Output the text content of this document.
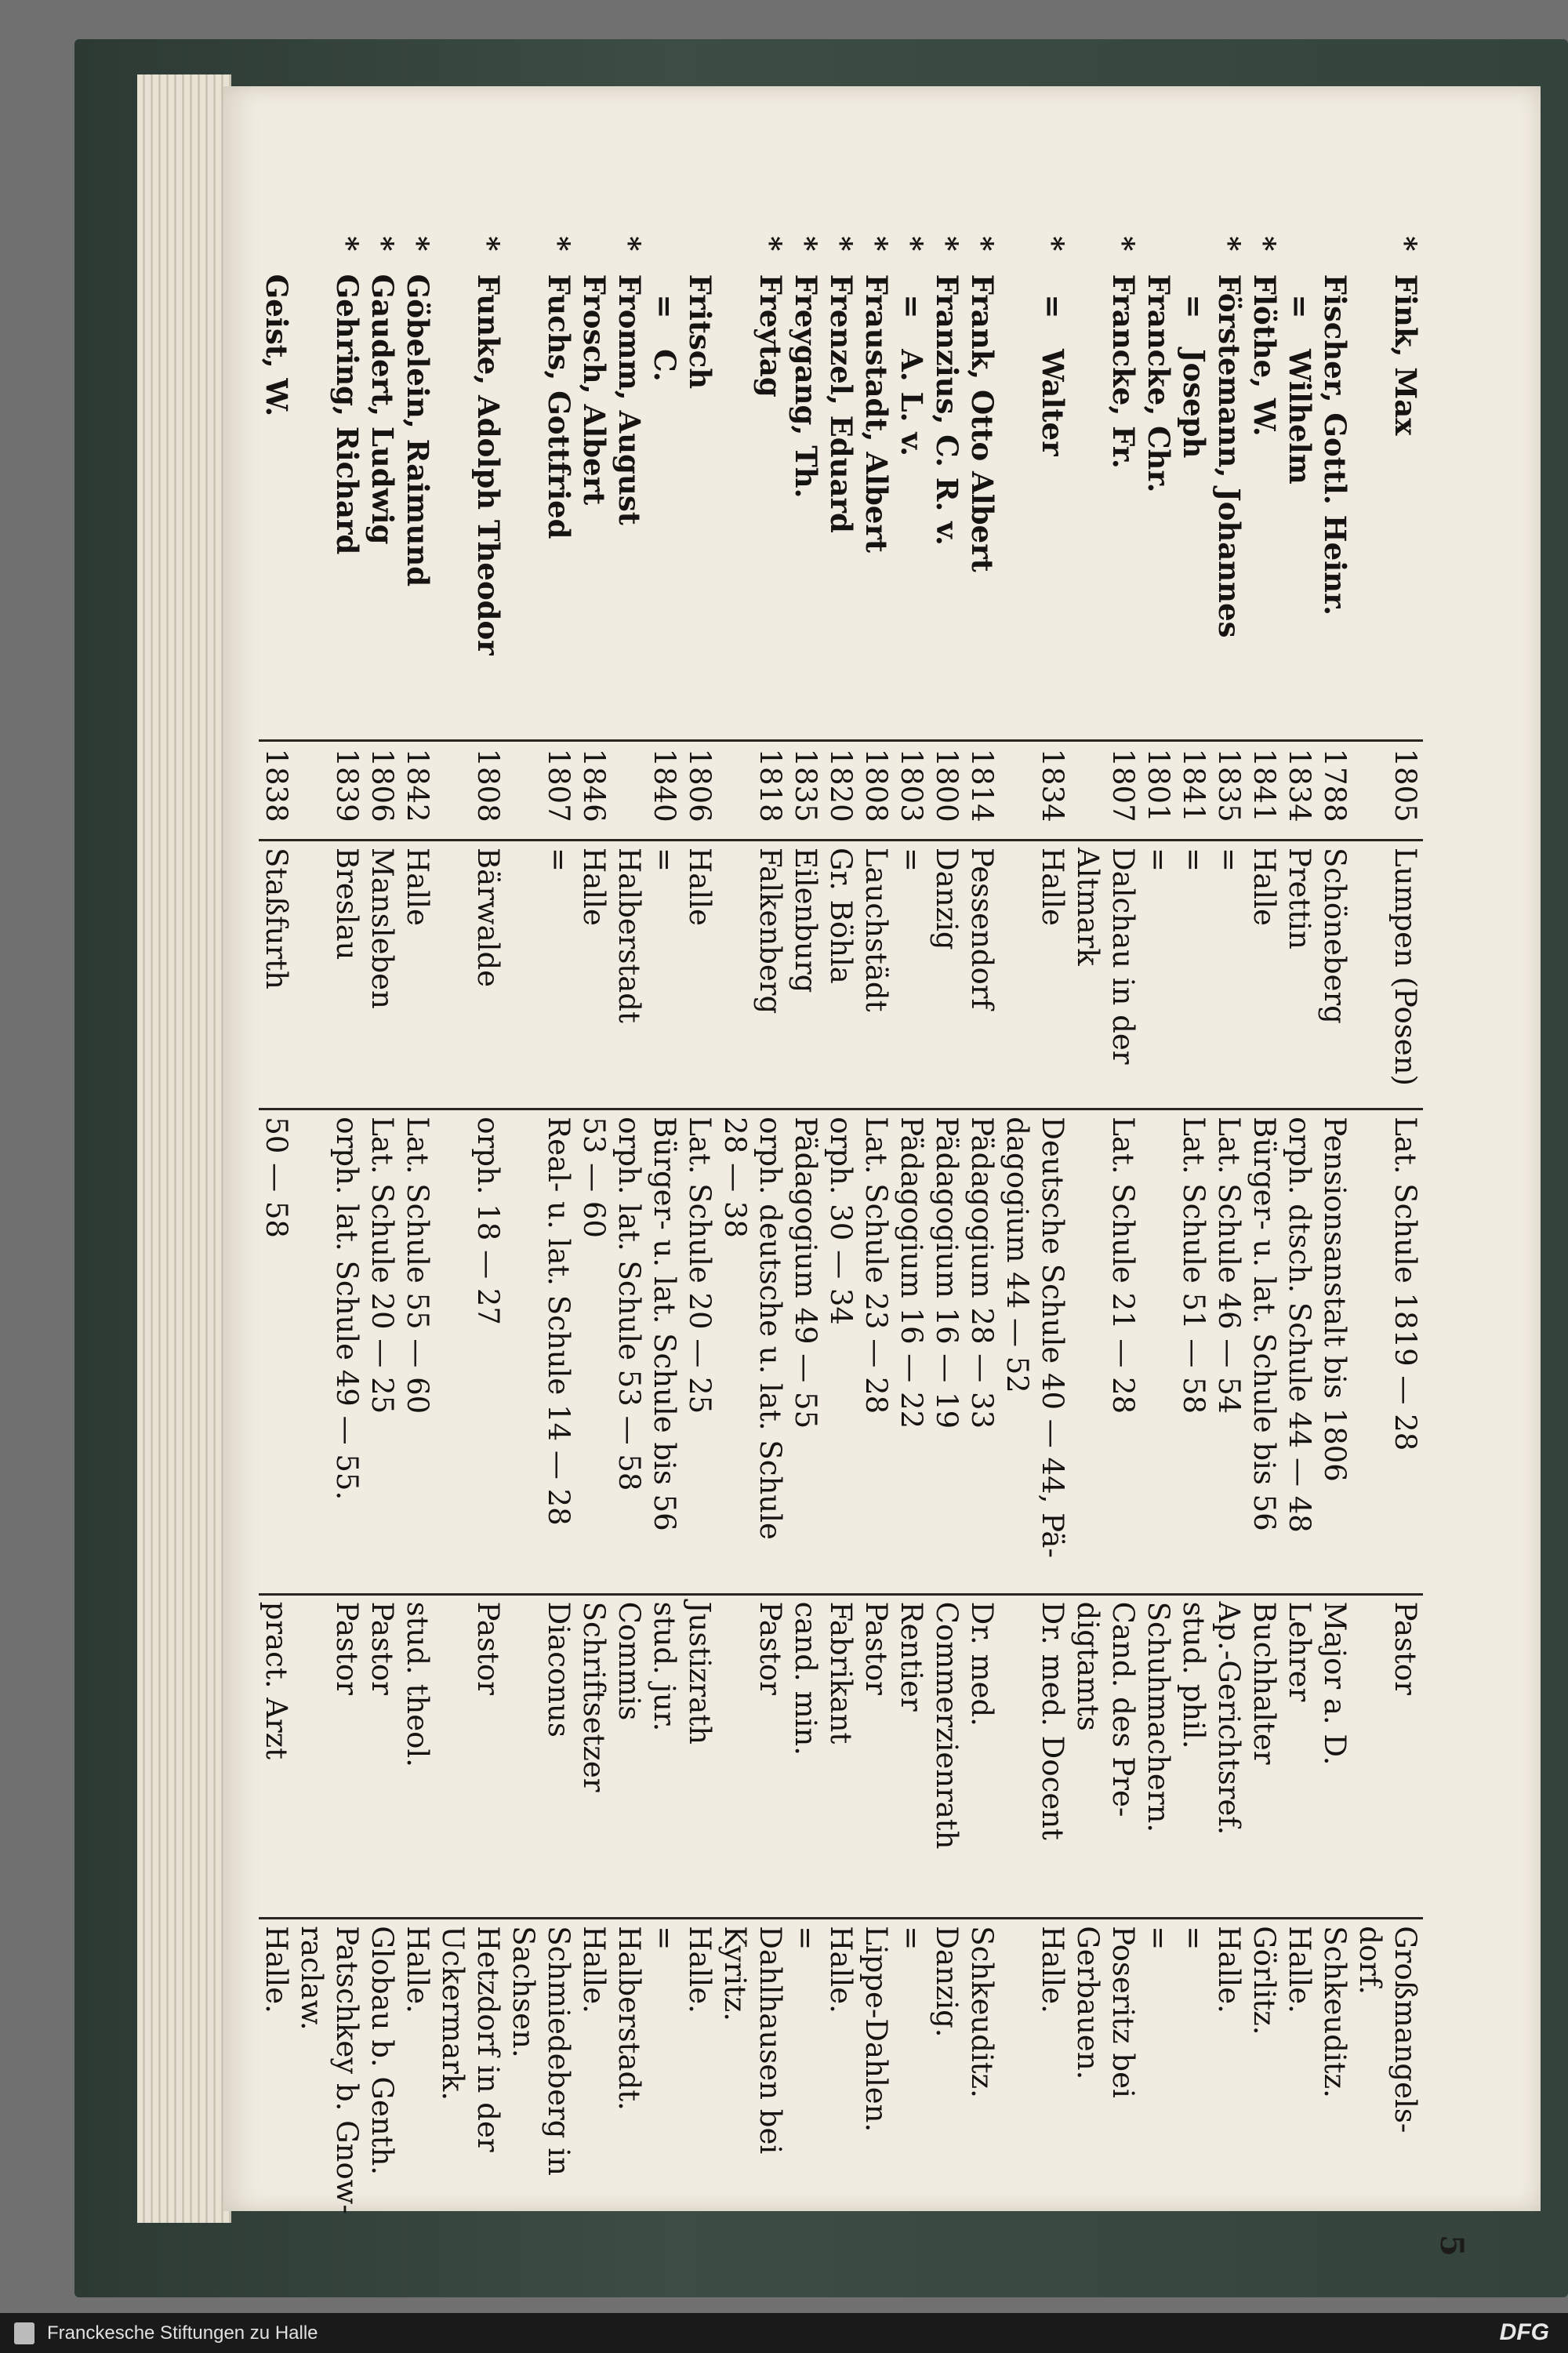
5
*	Fink, Max	1805	Lumpen (Posen)	Lat. Schule 1819 — 28	Pastor	Großmangels-
						dorf.
	Fischer, Gottl. Heinr.	1788	Schöneberg	Pensionsanstalt bis 1806	Major a. D.	Schkeuditz.
	=   Wilhelm	1834	Prettin	orph. dtsch. Schule 44 — 48	Lehrer	Halle.
*	Flöthe, W.	1841	Halle	Bürger- u. lat. Schule bis 56	Buchhalter	Görlitz.
*	Förstemann, Johannes	1835	=	Lat. Schule 46 — 54	Ap.-Gerichtsref.	Halle.
	=   Joseph	1841	=	Lat. Schule 51 — 58	stud. phil.	=
	Francke, Chr.	1801	=		Schuhmachern.	=
*	Francke, Fr.	1807	Dalchau in der	Lat. Schule 21 — 28	Cand. des Pre-	Poseritz bei
			Altmark		digtamts	Gerbauen.
*	=   Walter	1834	Halle	Deutsche Schule 40 — 44, Pä-	Dr. med. Docent	Halle.
				dagogium 44 — 52		
*	Frank, Otto Albert	1814	Pessendorf	Pädagogium 28 — 33	Dr. med.	Schkeuditz.
*	Franzius, C. R. v.	1800	Danzig	Pädagogium 16 — 19	Commerzienrath	Danzig.
*	=   A. L. v.	1803	=	Pädagogium 16 — 22	Rentier	=
*	Fraustadt, Albert	1808	Lauchstädt	Lat. Schule 23 — 28	Pastor	Lippe-Dahlen.
*	Frenzel, Eduard	1820	Gr. Böhla	orph. 30 — 34	Fabrikant	Halle.
*	Freygang, Th.	1835	Eilenburg	Pädagogium 49 — 55	cand. min.	=
*	Freytag	1818	Falkenberg	orph. deutsche u. lat. Schule	Pastor	Dahlhausen bei
				28 — 38		Kyritz.
	Fritsch	1806	Halle	Lat. Schule 20 — 25	Justizrath	Halle.
	=   C.	1840	=	Bürger- u. lat. Schule bis 56	stud. jur.	=
*	Fromm, August		Halberstadt	orph. lat. Schule 53 — 58	Commis	Halberstadt.
	Frosch, Albert	1846	Halle	53 — 60	Schriftsetzer	Halle.
*	Fuchs, Gottfried	1807	=	Real- u. lat. Schule 14 — 28	Diaconus	Schmiedeberg in
						Sachsen.
*	Funke, Adolph Theodor	1808	Bärwalde	orph. 18 — 27	Pastor	Hetzdorf in der
						Uckermark.
*	Göbelein, Raimund	1842	Halle	Lat. Schule 55 — 60	stud. theol.	Halle.
*	Gaudert, Ludwig	1806	Mansleben	Lat. Schule 20 — 25	Pastor	Globau b. Genth.
*	Gehring, Richard	1839	Breslau	orph. lat. Schule 49 — 55.	Pastor	Patschkey b. Gnow-
						raclaw.
	Geist, W.	1838	Staßfurth	50 — 58	pract. Arzt	Halle.
Franckesche Stiftungen zu Halle	DFG
